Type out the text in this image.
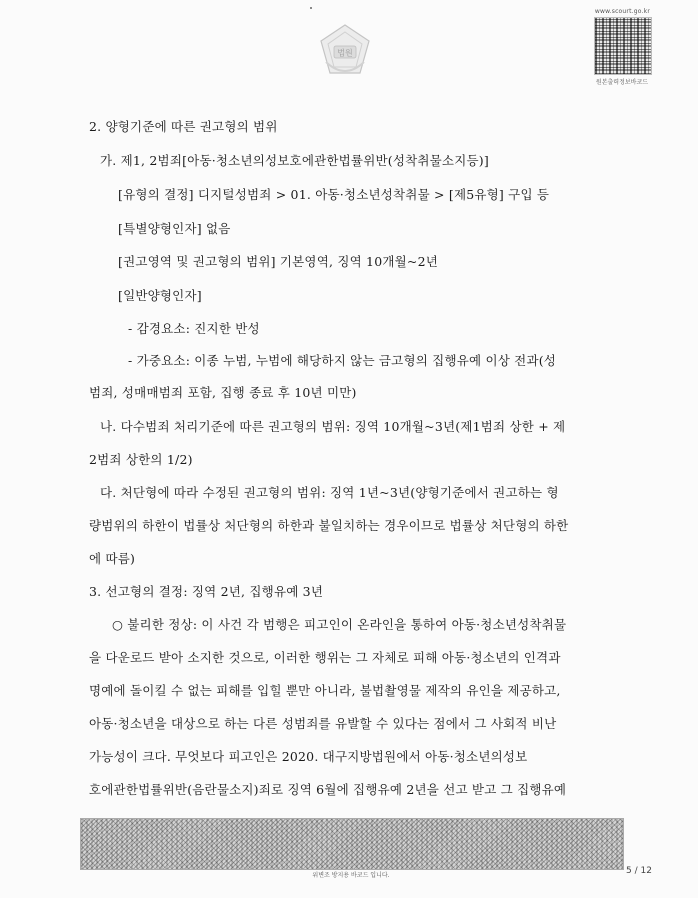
법원
www.scourt.go.kr
원본출력정보바코드
2. 양형기준에 따른 권고형의 범위
가. 제1, 2범죄[아동·청소년의성보호에관한법률위반(성착취물소지등)]
[유형의 결정] 디지털성범죄 > 01. 아동·청소년성착취물 > [제5유형] 구입 등
[특별양형인자] 없음
[권고영역 및 권고형의 범위] 기본영역, 징역 10개월~2년
[일반양형인자]
- 감경요소: 진지한 반성
- 가중요소: 이종 누범, 누범에 해당하지 않는 금고형의 집행유예 이상 전과(성
범죄, 성매매범죄 포함, 집행 종료 후 10년 미만)
나. 다수범죄 처리기준에 따른 권고형의 범위: 징역 10개월~3년(제1범죄 상한 + 제
2범죄 상한의 1/2)
다. 처단형에 따라 수정된 권고형의 범위: 징역 1년~3년(양형기준에서 권고하는 형
량범위의 하한이 법률상 처단형의 하한과 불일치하는 경우이므로 법률상 처단형의 하한
에 따름)
3. 선고형의 결정: 징역 2년, 집행유예 3년
○ 불리한 정상: 이 사건 각 범행은 피고인이 온라인을 통하여 아동·청소년성착취물
을 다운로드 받아 소지한 것으로, 이러한 행위는 그 자체로 피해 아동·청소년의 인격과
명예에 돌이킬 수 없는 피해를 입힐 뿐만 아니라, 불법촬영물 제작의 유인을 제공하고,
아동·청소년을 대상으로 하는 다른 성범죄를 유발할 수 있다는 점에서 그 사회적 비난
가능성이 크다. 무엇보다 피고인은 2020. 대구지방법원에서 아동·청소년의성보
호에관한법률위반(음란물소지)죄로 징역 6월에 집행유예 2년을 선고 받고 그 집행유예
위변조 방지용 바코드 입니다.	5 / 12
